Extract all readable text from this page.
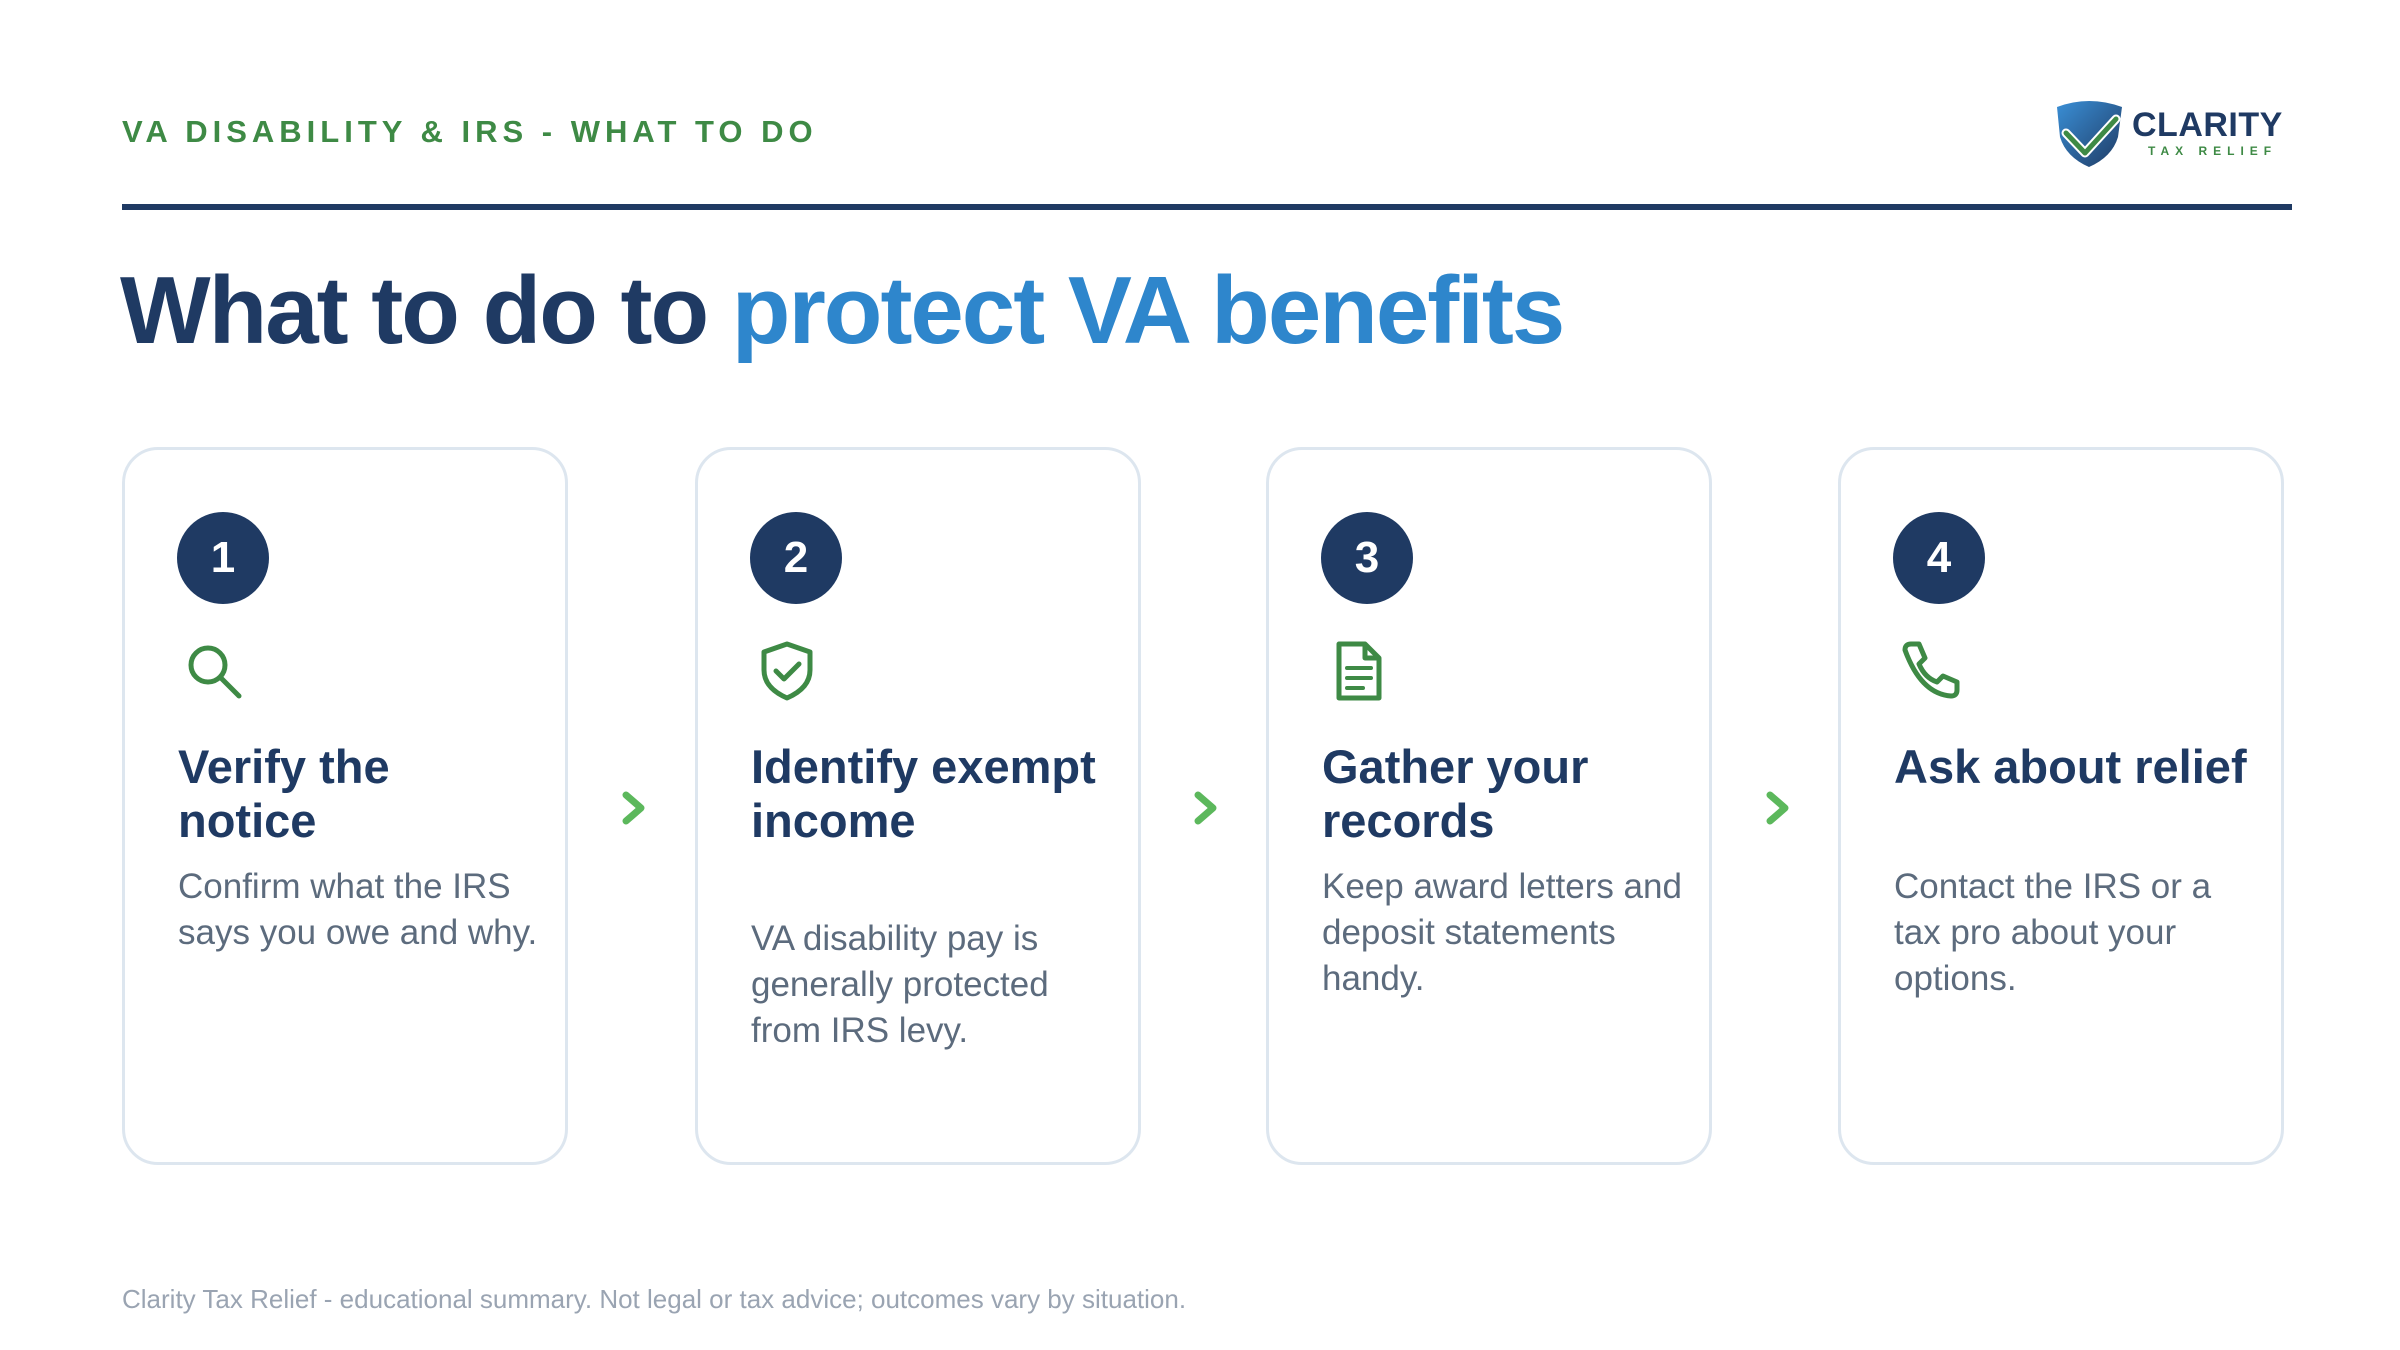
VA DISABILITY & IRS - WHAT TO DO	CLARITY
TAX RELIEF
What to do to protect VA benefits
1
Verify the notice
Confirm what the IRS says you owe and why.
2
Identify exempt income
VA disability pay is generally protected from IRS levy.
3
Gather your records
Keep award letters and deposit statements handy.
4
Ask about relief
Contact the IRS or a tax pro about your options.
Clarity Tax Relief - educational summary. Not legal or tax advice; outcomes vary by situation.
